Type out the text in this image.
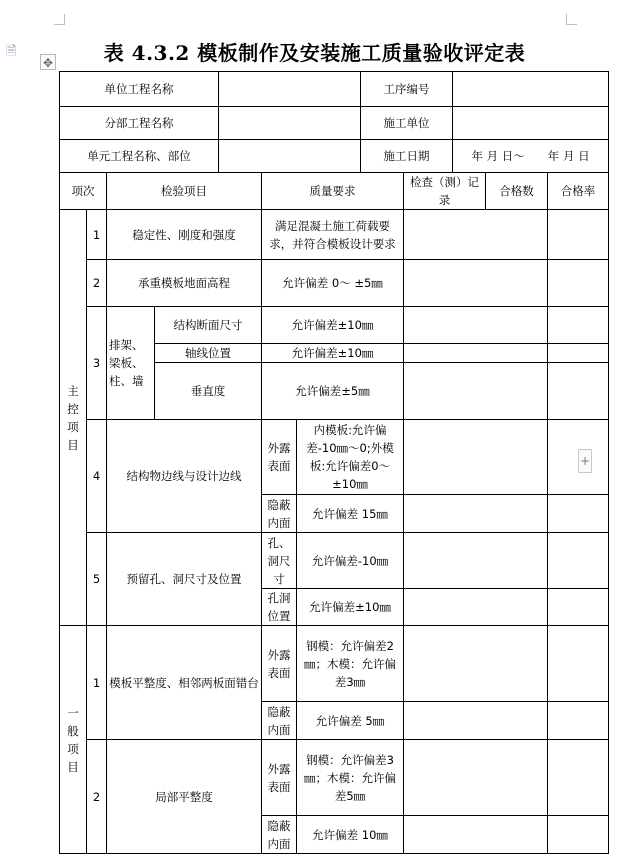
🗎
✥
+
表 4.3.2 模板制作及安装施工质量验收评定表
单位工程名称							工序编号					
分部工程名称							施工单位					
单元工程名称、部位							施工日期		年 月 日～　　年 月 日			
项次		检验项目			质量要求			检查（测）记录		合格数	合格率	
主
控
项
目	1	稳定性、刚度和强度			满足混凝土施工荷载要求，并符合模板设计要求							
	2	承重模板地面高程			允许偏差 0～ ±5㎜							
	3	排架、梁板、柱、墙	结构断面尺寸		允许偏差±10㎜							
			轴线位置		允许偏差±10㎜							
			垂直度		允许偏差±5㎜							
	4	结构物边线与设计边线			外露表面	内模板:允许偏差-10㎜～0;外模板:允许偏差0～±10㎜						
					隐蔽内面	允许偏差 15㎜						
	5	预留孔、洞尺寸及位置			孔、洞尺寸	允许偏差-10㎜						
					孔洞位置	允许偏差±10㎜						
一
般
项
目	1	模板平整度、相邻两板面错台			外露表面	钢模：允许偏差2㎜；木模：允许偏差3㎜						
					隐蔽内面	允许偏差 5㎜						
	2	局部平整度			外露表面	钢模：允许偏差3㎜；木模：允许偏差5㎜						
					隐蔽内面	允许偏差 10㎜						
